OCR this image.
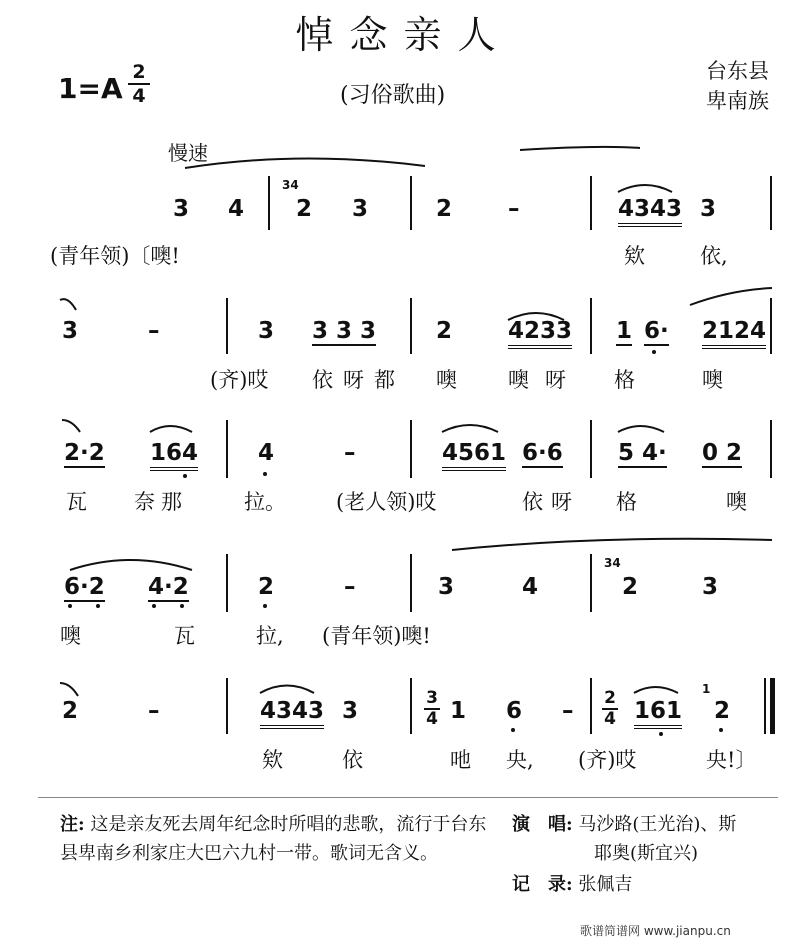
悼念亲人
1=A 2
4	(习俗歌曲)
台东县
卑南族
慢速
3 4
34
2 3	2 –	4343 3
(青年领)〔噢!	欸	依,
3	–	3 3 3 3	2 4233 1 6· 2124
(齐)哎 依呀都 噢 噢呀 格	噢
2·2 164	4	–	4561 6·6 5 4· 0 2
瓦 奈那	拉。 (老人领)哎	依呀 格	噢
6·2 4·2	2	–	3	4
34
2	3
噢	瓦	拉, (青年领)噢!
2	–	4343 3	3
4 1 6 – 2
4 161
1
2
欸	依	吔 央, (齐)哎	央!〕
注: 这是亲友死去周年纪念时所唱的悲歌，流行于台东县卑南乡利家庄大巴六九村一带。歌词无含义。
演　唱: 马沙路(王光治)、斯
耶奥(斯宜兴)
记　录: 张佩吉
歌谱简谱网 www.jianpu.cn
